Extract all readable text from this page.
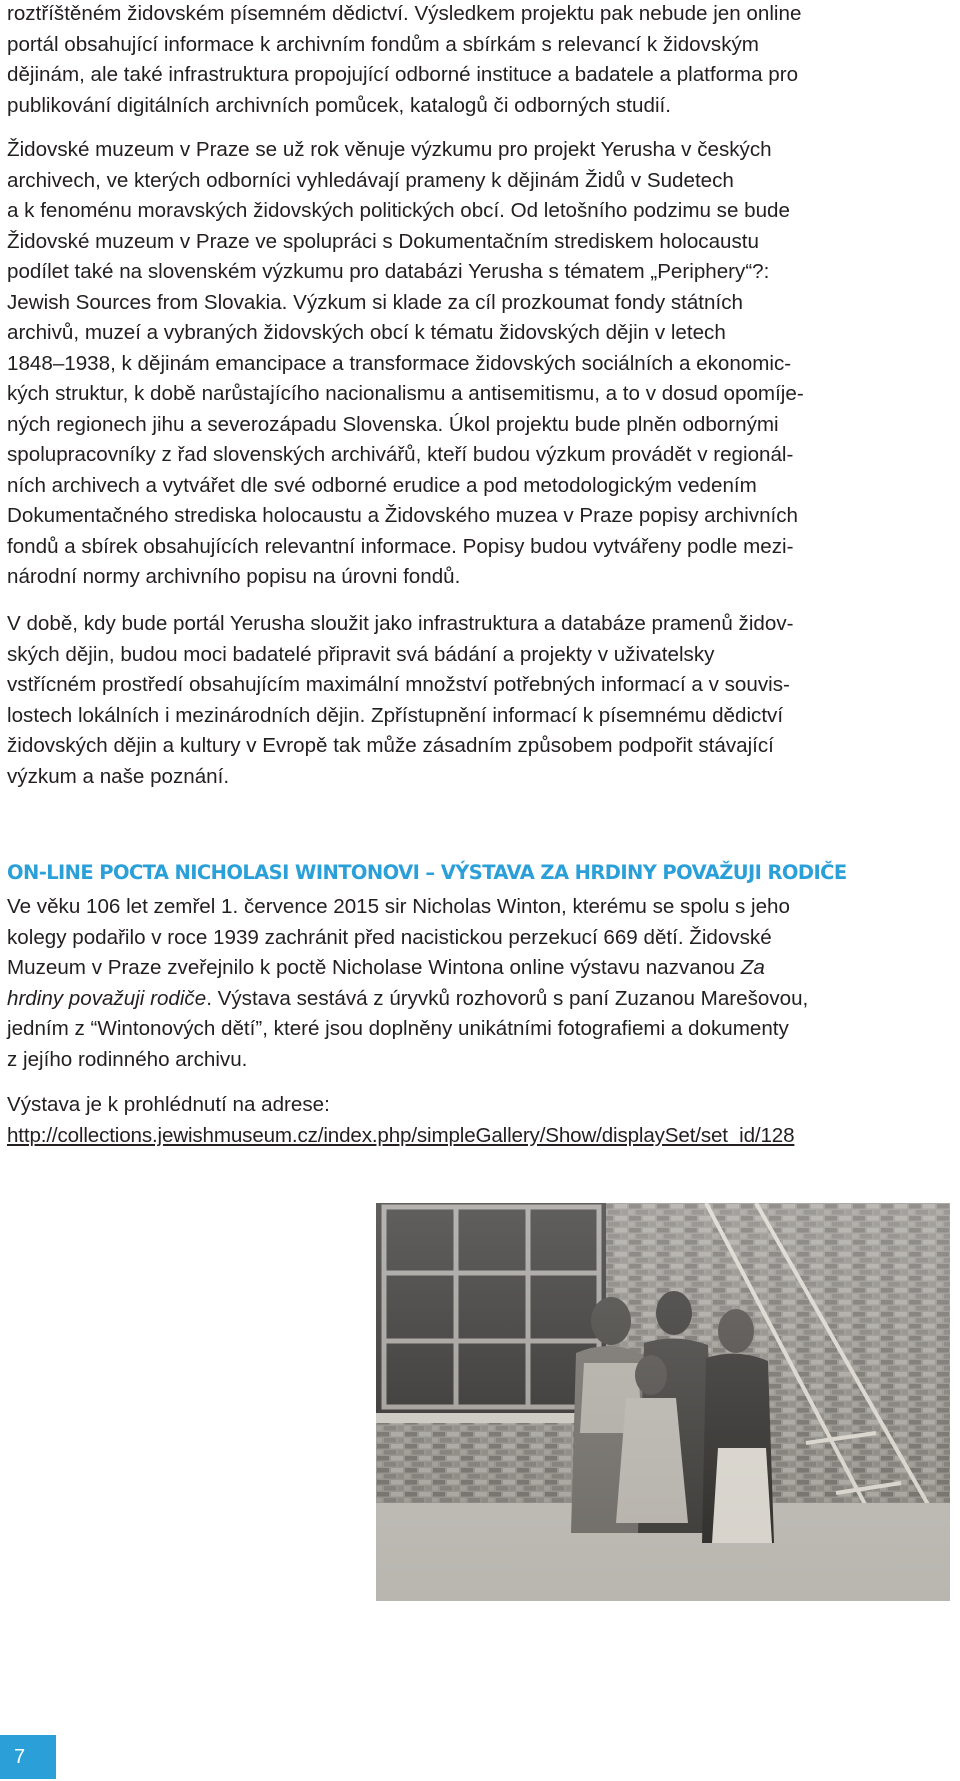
roztříštěném židovském písemném dědictví. Výsledkem projektu pak nebude jen online
portál obsahující informace k archivním fondům a sbírkám s relevancí k židovským
dějinám, ale také infrastruktura propojující odborné instituce a badatele a platforma pro
publikování digitálních archivních pomůcek, katalogů či odborných studií.

Židovské muzeum v Praze se už rok věnuje výzkumu pro projekt Yerusha v českých
archivech, ve kterých odborníci vyhledávají prameny k dějinám Židů v Sudetech
a k fenoménu moravských židovských politických obcí. Od letošního podzimu se bude
Židovské muzeum v Praze ve spolupráci s Dokumentačním strediskem holocaustu
podílet také na slovenském výzkumu pro databázi Yerusha s tématem „Periphery“?:
Jewish Sources from Slovakia. Výzkum si klade za cíl prozkoumat fondy státních
archivů, muzeí a vybraných židovských obcí k tématu židovských dějin v letech
1848–1938, k dějinám emancipace a transformace židovských sociálních a ekonomic-
kých struktur, k době narůstajícího nacionalismu a antisemitismu, a to v dosud opomíje-
ných regionech jihu a severozápadu Slovenska. Úkol projektu bude plněn odbornými
spolupracovníky z řad slovenských archivářů, kteří budou výzkum provádět v regionál-
ních archivech a vytvářet dle své odborné erudice a pod metodologickým vedením
Dokumentačného strediska holocaustu a Židovského muzea v Praze popisy archivních
fondů a sbírek obsahujících relevantní informace. Popisy budou vytvářeny podle mezi-
národní normy archivního popisu na úrovni fondů.

V době, kdy bude portál Yerusha sloužit jako infrastruktura a databáze pramenů židov-
ských dějin, budou moci badatelé připravit svá bádání a projekty v uživatelsky
vstřícném prostředí obsahujícím maximální množství potřebných informací a v souvis-
lostech lokálních i mezinárodních dějin. Zpřístupnění informací k písemnému dědictví
židovských dějin a kultury v Evropě tak může zásadním způsobem podpořit stávající
výzkum a naše poznání.

ON-LINE POCTA NICHOLASI WINTONOVI – VÝSTAVA ZA HRDINY POVAŽUJI RODIČE

Ve věku 106 let zemřel 1. července 2015 sir Nicholas Winton, kterému se spolu s jeho
kolegy podařilo v roce 1939 zachránit před nacistickou perzekucí 669 dětí. Židovské
Muzeum v Praze zveřejnilo k poctě Nicholase Wintona online výstavu nazvanou Za
hrdiny považuji rodiče. Výstava sestává z úryvků rozhovorů s paní Zuzanou Marešovou,
jedním z “Wintonových dětí”, které jsou doplněny unikátními fotografiemi a dokumenty
z jejího rodinného archivu.

Výstava je k prohlédnutí na adrese:
http://collections.jewishmuseum.cz/index.php/simpleGallery/Show/displaySet/set_id/128

7
